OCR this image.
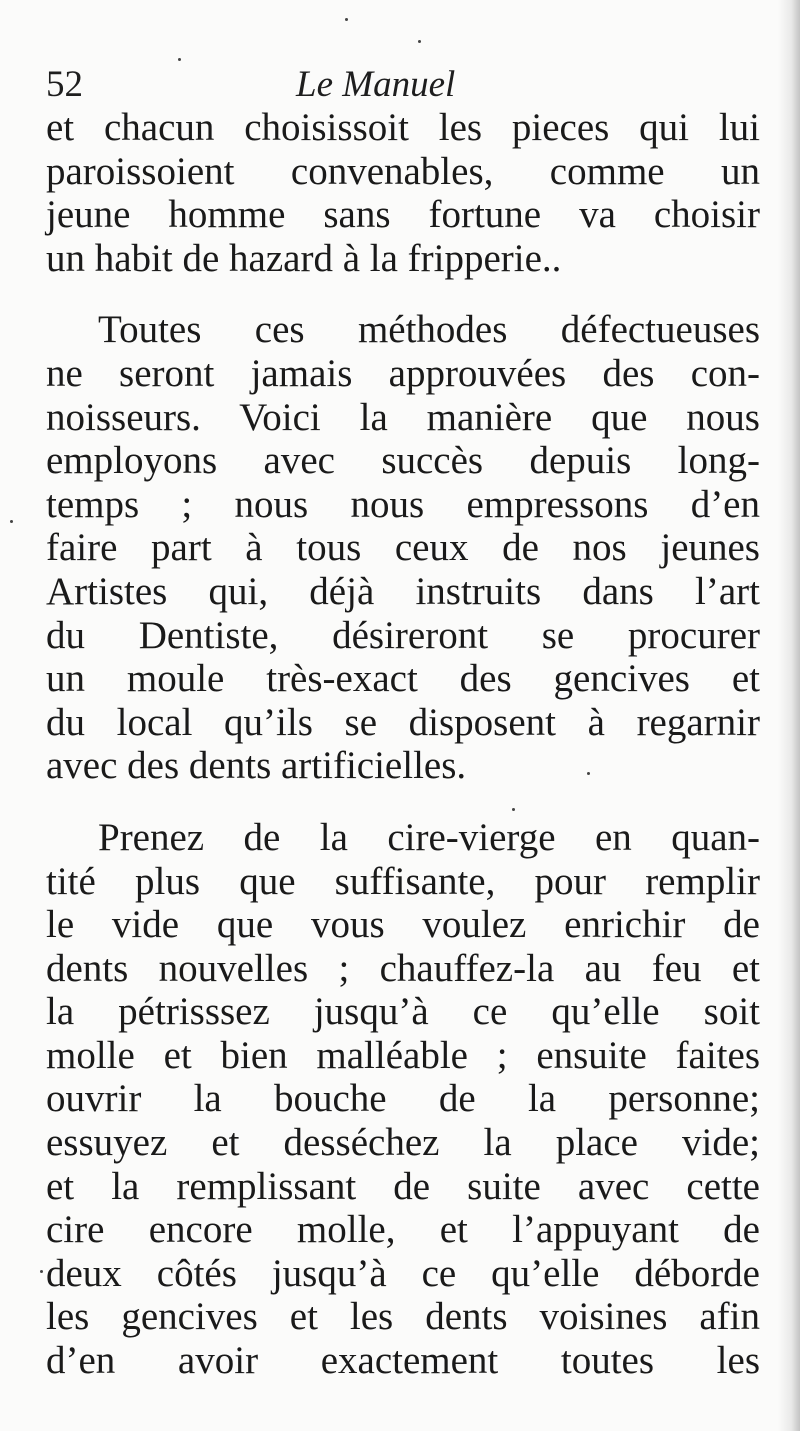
52	Le Manuel

et chacun choisissoit les pieces qui lui
paroissoient convenables, comme un
jeune homme sans fortune va choisir
un habit de hazard à la fripperie..

Toutes ces méthodes défectueuses
ne seront jamais approuvées des con-
noisseurs. Voici la manière que nous
employons avec succès depuis long-
temps ; nous nous empressons d’en
faire part à tous ceux de nos jeunes
Artistes qui, déjà instruits dans l’art
du Dentiste, désireront se procurer
un moule très-exact des gencives et
du local qu’ils se disposent à regarnir
avec des dents artificielles.

Prenez de la cire-vierge en quan-
tité plus que suffisante, pour remplir
le vide que vous voulez enrichir de
dents nouvelles ; chauffez-la au feu et
la pétrisssez jusqu’à ce qu’elle soit
molle et bien malléable ; ensuite faites
ouvrir la bouche de la personne;
essuyez et desséchez la place vide;
et la remplissant de suite avec cette
cire encore molle, et l’appuyant de
deux côtés jusqu’à ce qu’elle déborde
les gencives et les dents voisines afin
d’en avoir exactement toutes les
